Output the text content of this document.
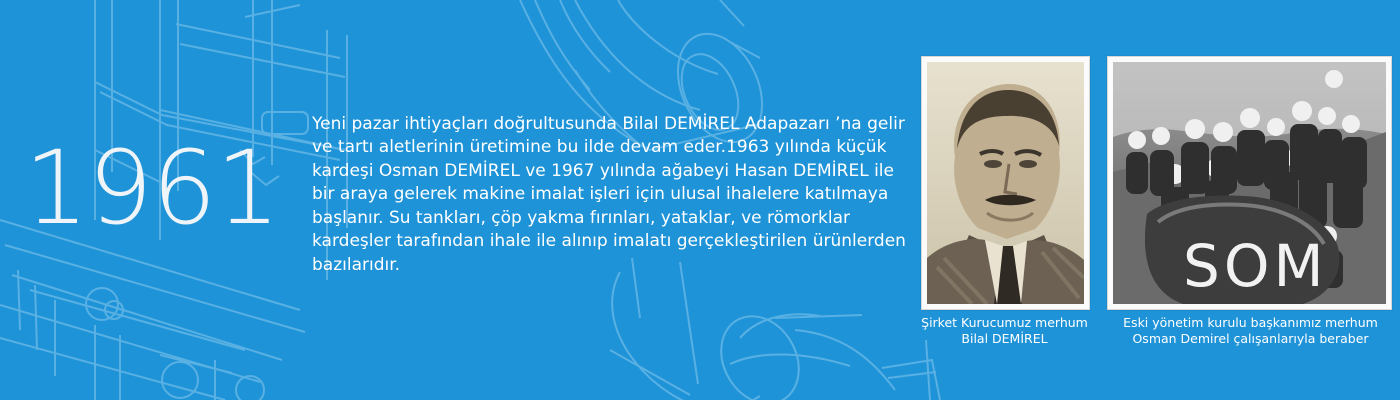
1961
Yeni pazar ihtiyaçları doğrultusunda Bilal DEMİREL Adapazarı ’na gelir ve tartı aletlerinin üretimine bu ilde devam eder.1963 yılında küçük kardeşi Osman DEMİREL ve 1967 yılında ağabeyi Hasan DEMİREL ile bir araya gelerek makine imalat işleri için ulusal ihalelere katılmaya başlanır. Su tankları, çöp yakma fırınları, yataklar, ve römorklar kardeşler tarafından ihale ile alınıp imalatı gerçekleştirilen ürünlerden bazılarıdır.	SOM
Şirket Kurucumuz merhum Bilal DEMİREL
Eski yönetim kurulu başkanımız merhum Osman Demirel çalışanlarıyla beraber
